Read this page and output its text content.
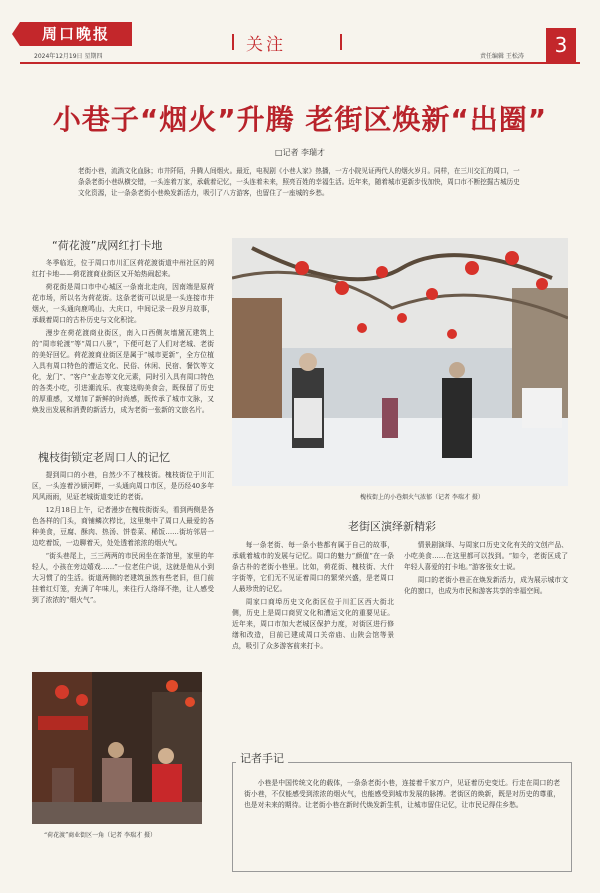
周口晚报
2024年12月19日 星期四
关注
责任编辑 王松涛	3
小巷子“烟火”升腾 老街区焕新“出圈”
□记者 李瑞才
老街小巷，流淌文化血脉；市井阡陌，升腾人间烟火。最近，电视剧《小巷人家》热播，一方小院见证两代人的烟火岁月。同样，在三川交汇的周口，一条条老街小巷纵横交错，一头连着万家，承载着记忆，一头连着未来，照亮百姓的幸福生活。近年来，随着城市更新步伐加快，周口市不断挖掘古城历史文化资源，让一条条老街小巷焕发新活力，吸引了八方游客，也留住了一座城的乡愁。
“荷花渡”成网红打卡地

冬季临近，位于周口市川汇区荷花渡街道中州社区的网红打卡地——荷花渡商业街区又开始热闹起来。

荷花街是周口市中心城区一条南北走向，因南端是原荷花市场，所以名为荷花街。这条老街可以说是一头连接市井烟火，一头通向鹿鸣山、大庆口，中间记录一段岁月故事，承载着周口的古朴历史与文化积淀。

漫步在荷花渡商业街区，南入口西侧灰墙黛瓦建筑上的“周市轮渡”等“周口八景”，下便可赵了人们对老城、老街的美好回忆。荷花渡商业街区是属于“城市更新”，全方位植入具有周口特色的漕运文化、民俗、休闲、民宿、餐饮等文化，龙门”、“客户”业态等文化元素，同时引入具有周口特色的各类小吃，引进潮流乐、夜宴选购美食会，既保留了历史的厚重感，又增加了新鲜的时尚感，既传承了城市文脉，又焕发出发展和消费的新活力，成为老街一张新的文旅名片。

槐枝街锁定老周口人的记忆

提到周口的小巷，自然少不了槐枝街。槐枝街位于川汇区，一头连着沙颍河畔，一头通向周口市区，是历经40多年风风雨雨，见证老城街道变迁的老街。

12月18日上午，记者漫步在槐枝街街头，看到两侧是各色各样的门头，商铺鳞次栉比，这里集中了周口人最爱的各种美食，豆腐、酥肉、热汤、饼卷菜、稀饭……街坊邻居一边吃着饭，一边聊着天，处处透着浓浓的烟火气。

“街头巷尾上，三三两两的市民闲坐在茶馆里，家里的年轻人，小孩在旁边嬉戏……”一位老住户说，这就是他从小到大习惯了的生活。街道两侧的老建筑虽然有些老旧，但门前挂着红灯笼，充满了年味儿，来往行人络绎不绝，让人感受到了浓浓的“烟火气”。

“荷花渡”商业街区一角（记者 李瑞才 摄）
槐枝街上的小巷烟火气浓郁（记者 李瑞才 摄）
老街区演绎新精彩

每一条老街、每一条小巷都有属于自己的故事，承载着城市的发展与记忆。周口的魅力“颜值”在一条条古朴的老街小巷里。比如，荷花街、槐枝街、大什字街等，它们无不见证着周口的繁荣兴盛，是老周口人最珍贵的记忆。

周家口商埠历史文化街区位于川汇区西大街北侧，历史上是周口商贸文化和漕运文化的重要见证。近年来，周口市加大老城区保护力度，对街区进行修缮和改造，目前已建成周口关帝庙、山陕会馆等景点，吸引了众多游客前来打卡。

情景剧演绎、与周家口历史文化有关的文创产品、小吃美食……在这里都可以找到。“如今，老街区成了年轻人喜爱的打卡地。”游客张女士说。

周口的老街小巷正在焕发新活力，成为展示城市文化的窗口，也成为市民和游客共享的幸福空间。

记者手记

小巷是中国传统文化的载体，一条条老街小巷，连接着千家万户，见证着历史变迁。行走在周口的老街小巷，不仅能感受到浓浓的烟火气，也能感受到城市发展的脉搏。老街区的焕新，既是对历史的尊重，也是对未来的期待。让老街小巷在新时代焕发新生机，让城市留住记忆，让市民记得住乡愁。
